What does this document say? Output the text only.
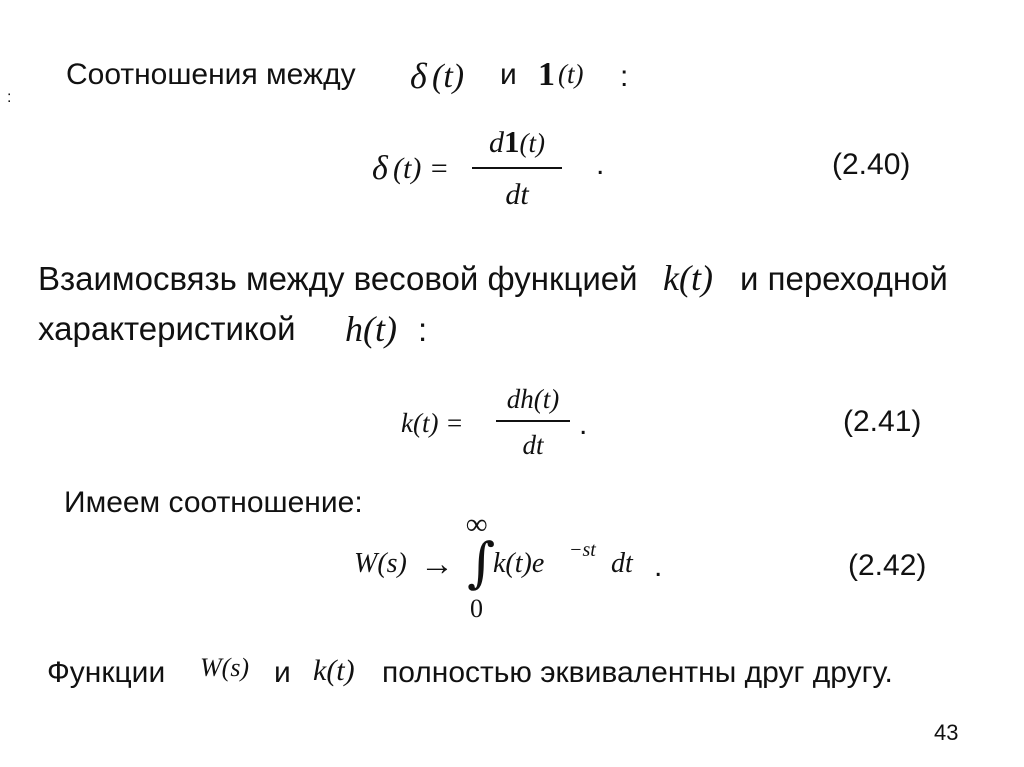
:
Соотношения между δ (t) и 1 (t) :
δ (t) =
d1(t)
dt
.	(2.40)
Взаимосвязь между весовой функцией k(t) и переходной
характеристикой h(t) :
k(t) =
dh(t)
dt
.	(2.41)
Имеем соотношение:
W(s) →
∞
∫
0
k(t)e −st dt .	(2.42)
Функции W(s) и k(t) полностью эквивалентны друг другу.
43
